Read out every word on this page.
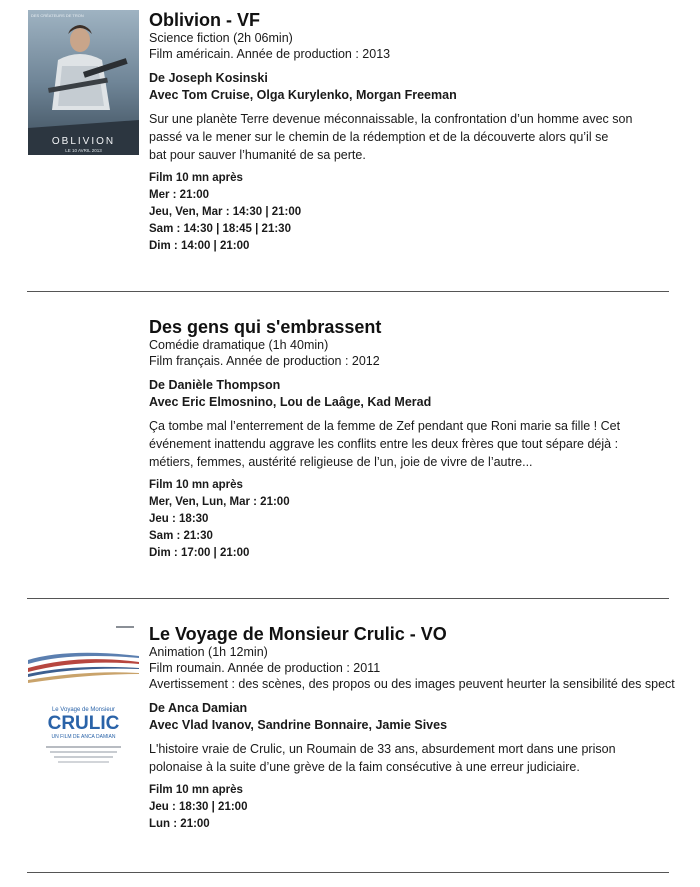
DES CRÉATEURS DE TRON
OBLIVION
LE 10 AVRIL 2013
Oblivion - VF
Science fiction (2h 06min)
Film américain. Année de production : 2013
De Joseph Kosinski
Avec Tom Cruise, Olga Kurylenko, Morgan Freeman
Sur une planète Terre devenue méconnaissable, la confrontation d’un homme avec son
passé va le mener sur le chemin de la rédemption et de la découverte alors qu’il se
bat pour sauver l’humanité de sa perte.
Film 10 mn après
Mer : 21:00
Jeu, Ven, Mar : 14:30 | 21:00
Sam : 14:30 | 18:45 | 21:30
Dim : 14:00 | 21:00
Des gens qui s'embrassent
Comédie dramatique (1h 40min)
Film français. Année de production : 2012
De Danièle Thompson
Avec Eric Elmosnino, Lou de Laâge, Kad Merad
Ça tombe mal l’enterrement de la femme de Zef pendant que Roni marie sa fille ! Cet
événement inattendu aggrave les conflits entre les deux frères que tout sépare déjà :
métiers, femmes, austérité religieuse de l’un, joie de vivre de l’autre...
Film 10 mn après
Mer, Ven, Lun, Mar : 21:00
Jeu : 18:30
Sam : 21:30
Dim : 17:00 | 21:00
Le Voyage de Monsieur
CRULIC
UN FILM DE ANCA DAMIAN
Le Voyage de Monsieur Crulic - VO
Animation (1h 12min)
Film roumain. Année de production : 2011
Avertissement : des scènes, des propos ou des images peuvent heurter la sensibilité des spect
De Anca Damian
Avec Vlad Ivanov, Sandrine Bonnaire, Jamie Sives
L'histoire vraie de Crulic, un Roumain de 33 ans, absurdement mort dans une prison
polonaise à la suite d’une grève de la faim consécutive à une erreur judiciaire.
Film 10 mn après
Jeu : 18:30 | 21:00
Lun : 21:00
